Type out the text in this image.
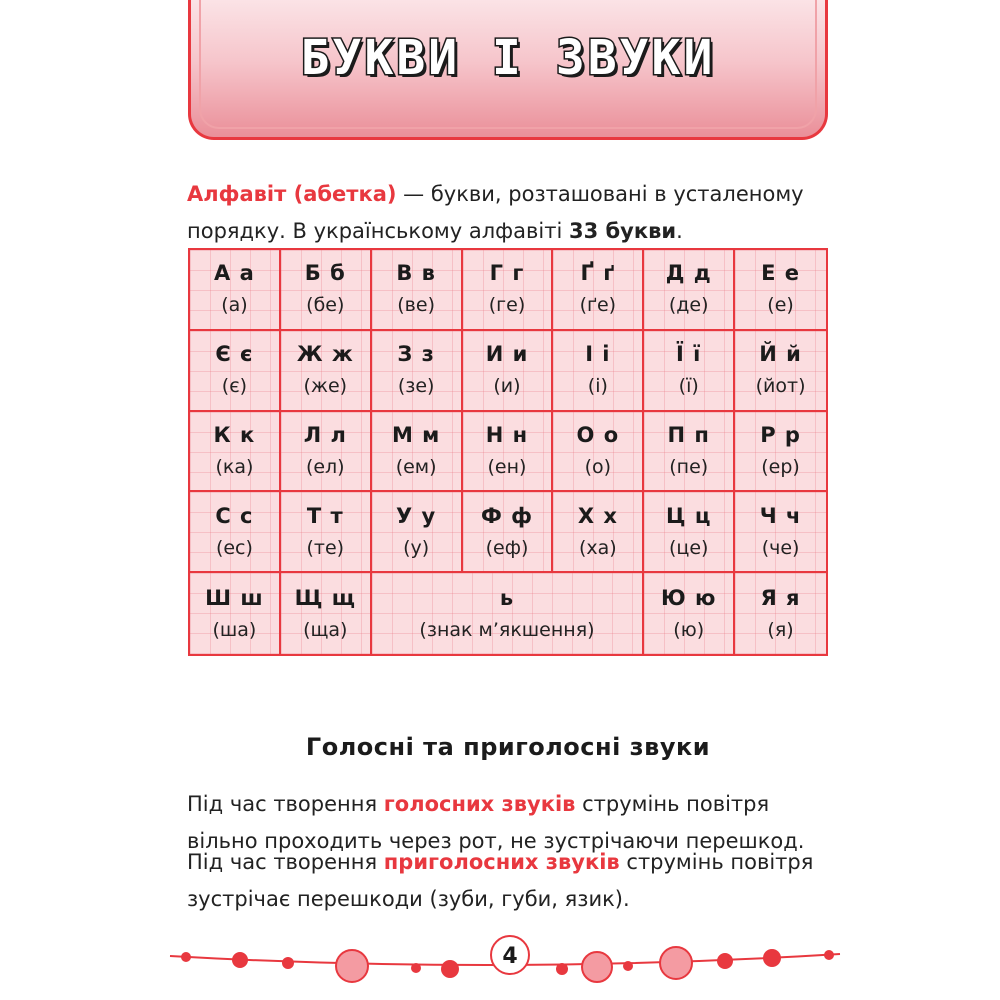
БУКВИ І ЗВУКИ
Алфавіт (абетка) — букви, розташовані в усталеному порядку. В українському алфавіті 33 букви.
А а
(а)
Б б
(бе)
В в
(ве)
Г г
(ге)
Ґ ґ
(ґе)
Д д
(де)
Е е
(е)
Є є
(є)
Ж ж
(же)
З з
(зе)
И и
(и)
І і
(і)
Ї ї
(ї)
Й й
(йот)
К к
(ка)
Л л
(ел)
М м
(ем)
Н н
(ен)
О о
(о)
П п
(пе)
Р р
(ер)
С с
(ес)
Т т
(те)
У у
(у)
Ф ф
(еф)
Х х
(ха)
Ц ц
(це)
Ч ч
(че)
Ш ш
(ша)
Щ щ
(ща)
ь
(знак м’якшення)
Ю ю
(ю)
Я я
(я)
Голосні та приголосні звуки
Під час творення голосних звуків струмінь повітря вільно проходить через рот, не зустрічаючи перешкод.
Під час творення приголосних звуків струмінь повітря зустрічає перешкоди (зуби, губи, язик).
4
